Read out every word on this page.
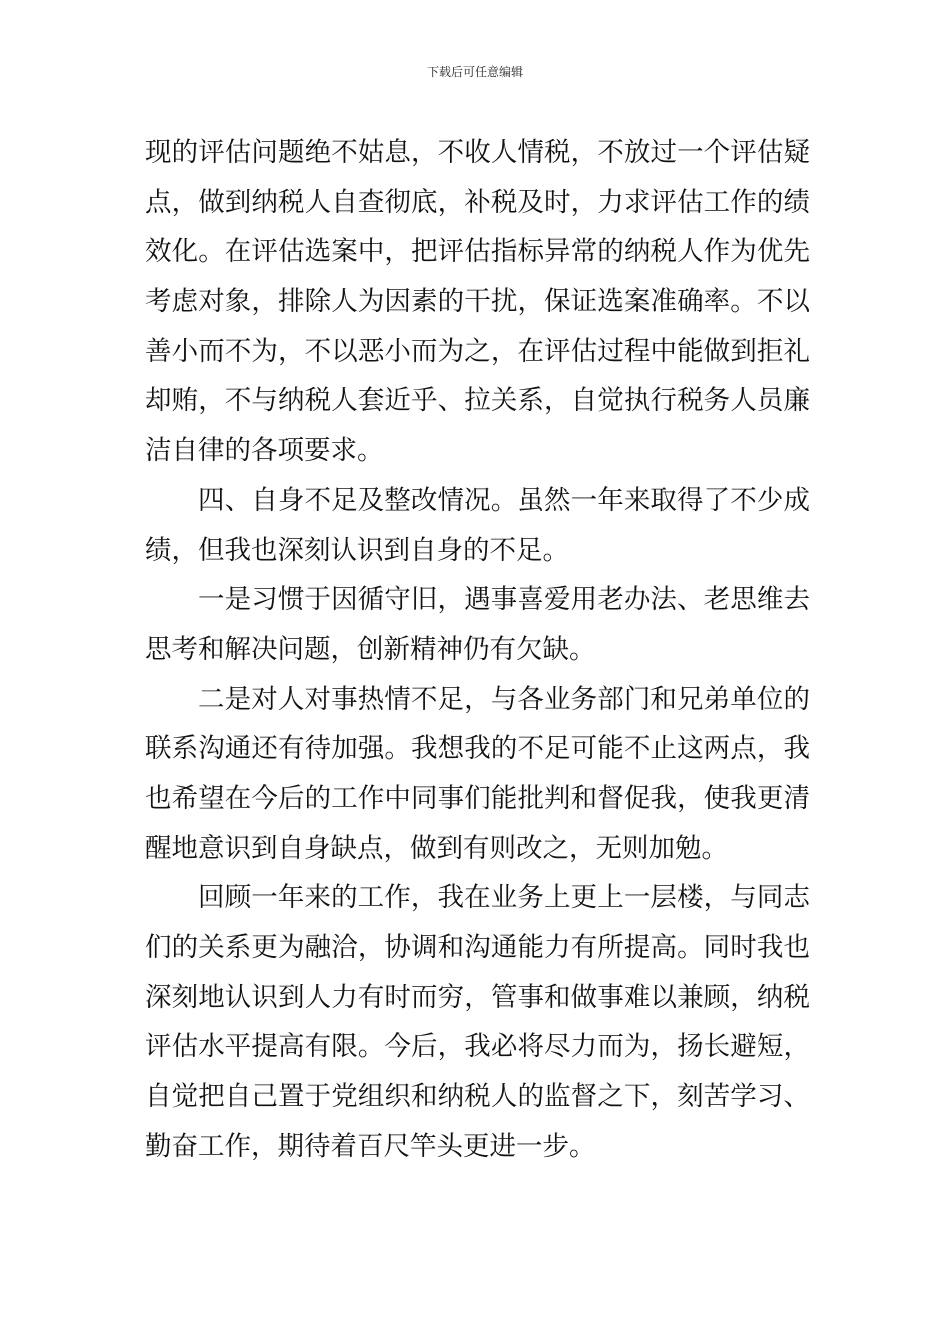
下载后可任意编辑
现的评估问题绝不姑息，不收人情税，不放过一个评估疑
点，做到纳税人自查彻底，补税及时，力求评估工作的绩
效化。在评估选案中，把评估指标异常的纳税人作为优先
考虑对象，排除人为因素的干扰，保证选案准确率。不以
善小而不为，不以恶小而为之，在评估过程中能做到拒礼
却贿，不与纳税人套近乎、拉关系，自觉执行税务人员廉
洁自律的各项要求。
四、自身不足及整改情况。虽然一年来取得了不少成
绩，但我也深刻认识到自身的不足。
一是习惯于因循守旧，遇事喜爱用老办法、老思维去
思考和解决问题，创新精神仍有欠缺。
二是对人对事热情不足，与各业务部门和兄弟单位的
联系沟通还有待加强。我想我的不足可能不止这两点，我
也希望在今后的工作中同事们能批判和督促我，使我更清
醒地意识到自身缺点，做到有则改之，无则加勉。
回顾一年来的工作，我在业务上更上一层楼，与同志
们的关系更为融洽，协调和沟通能力有所提高。同时我也
深刻地认识到人力有时而穷，管事和做事难以兼顾，纳税
评估水平提高有限。今后，我必将尽力而为，扬长避短，
自觉把自己置于党组织和纳税人的监督之下，刻苦学习、
勤奋工作，期待着百尺竿头更进一步。
